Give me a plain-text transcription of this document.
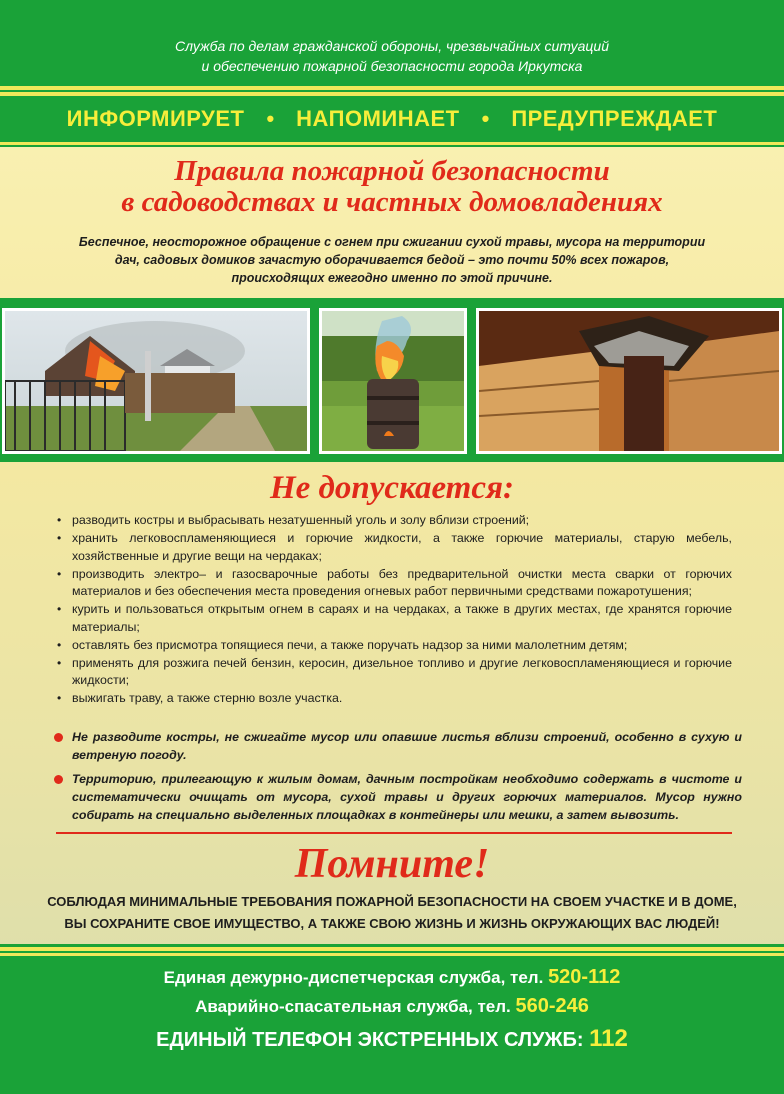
Служба по делам гражданской обороны, чрезвычайных ситуаций
и обеспечению пожарной безопасности города Иркутска
ИНФОРМИРУЕТ • НАПОМИНАЕТ • ПРЕДУПРЕЖДАЕТ
Правила пожарной безопасности
в садоводствах и частных домовладениях
Беспечное, неосторожное обращение с огнем при сжигании сухой травы, мусора на территории
дач, садовых домиков зачастую оборачивается бедой – это почти 50% всех пожаров,
происходящих ежегодно именно по этой причине.
Не допускается:
• разводить костры и выбрасывать незатушенный уголь и золу вблизи строений;
• хранить легковоспламеняющиеся и горючие жидкости, а также горючие материалы, старую мебель, хозяйственные и другие вещи на чердаках;
• производить электро– и газосварочные работы без предварительной очистки места сварки от горючих материалов и без обеспечения места проведения огневых работ первичными средствами пожаротушения;
• курить и пользоваться открытым огнем в сараях и на чердаках, а также в других местах, где хранятся горючие материалы;
• оставлять без присмотра топящиеся печи, а также поручать надзор за ними малолетним детям;
• применять для розжига печей бензин, керосин, дизельное топливо и другие легковоспламеняющиеся и горючие жидкости;
• выжигать траву, а также стерню возле участка.
Не разводите костры, не сжигайте мусор или опавшие листья вблизи строений, особенно в сухую и ветреную погоду.
Территорию, прилегающую к жилым домам, дачным постройкам необходимо содержать в чистоте и систематически очищать от мусора, сухой травы и других горючих материалов. Мусор нужно собирать на специально выделенных площадках в контейнеры или мешки, а затем вывозить.
Помните!
СОБЛЮДАЯ МИНИМАЛЬНЫЕ ТРЕБОВАНИЯ ПОЖАРНОЙ БЕЗОПАСНОСТИ НА СВОЕМ УЧАСТКЕ И В ДОМЕ,
ВЫ СОХРАНИТЕ СВОЕ ИМУЩЕСТВО, А ТАКЖЕ СВОЮ ЖИЗНЬ И ЖИЗНЬ ОКРУЖАЮЩИХ ВАС ЛЮДЕЙ!
Единая дежурно-диспетчерская служба, тел. 520-112
Аварийно-спасательная служба, тел. 560-246
ЕДИНЫЙ ТЕЛЕФОН ЭКСТРЕННЫХ СЛУЖБ: 112
